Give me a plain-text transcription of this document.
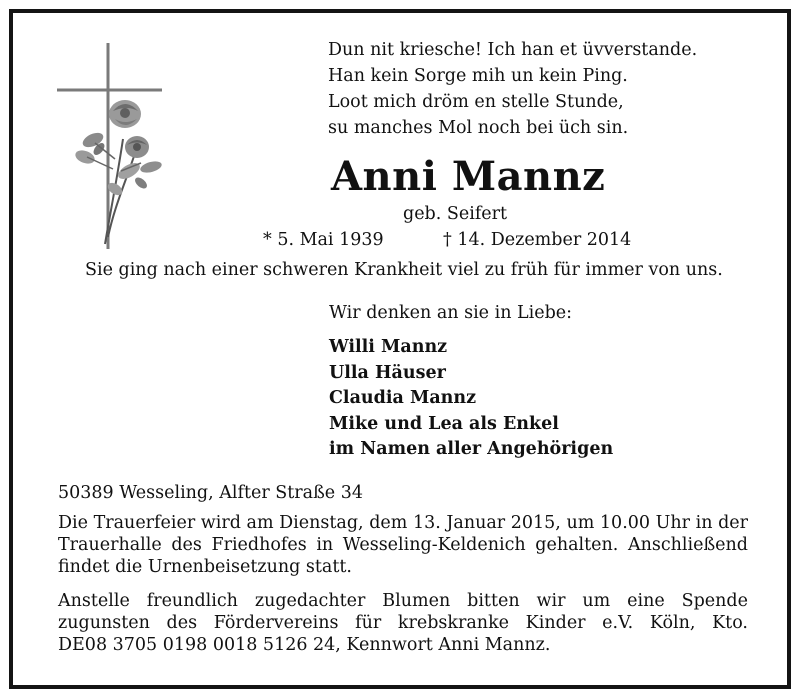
Dun nit kriesche! Ich han et üvverstande.
Han kein Sorge mih un kein Ping.
Loot mich dröm en stelle Stunde,
su manches Mol noch bei üch sin.
Anni Mannz
geb. Seifert
* 5. Mai 1939	† 14. Dezember 2014
Sie ging nach einer schweren Krankheit viel zu früh für immer von uns.
Wir denken an sie in Liebe:
Willi Mannz
Ulla Häuser
Claudia Mannz
Mike und Lea als Enkel
im Namen aller Angehörigen
50389 Wesseling, Alfter Straße 34
Die Trauerfeier wird am Dienstag, dem 13. Januar 2015, um 10.00 Uhr in der
Trauerhalle des Friedhofes in Wesseling-Keldenich gehalten. Anschließend
findet die Urnenbeisetzung statt.
Anstelle freundlich zugedachter Blumen bitten wir um eine Spende
zugunsten des Fördervereins für krebskranke Kinder e.V. Köln, Kto.
DE08 3705 0198 0018 5126 24, Kennwort Anni Mannz.
